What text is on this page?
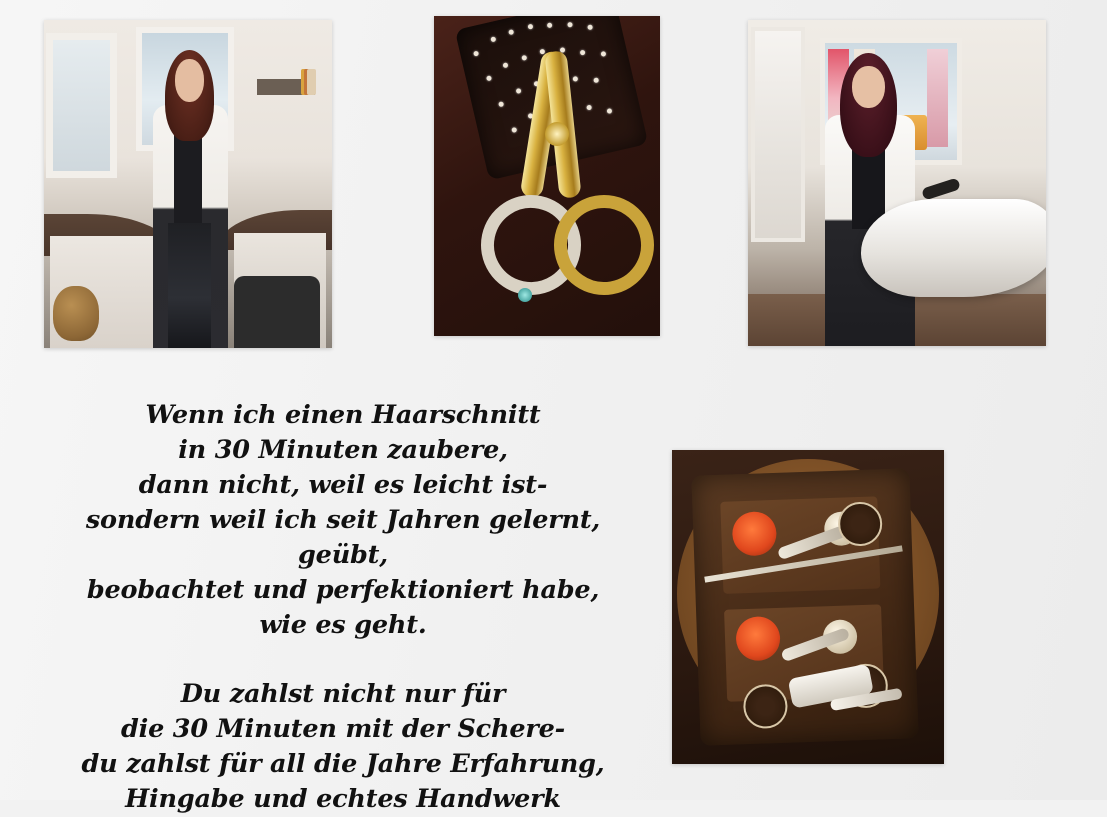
Wenn ich einen Haarschnitt

in 30 Minuten zaubere,

dann nicht, weil es leicht ist-

sondern weil ich seit Jahren gelernt, geübt,

beobachtet und perfektioniert habe,

wie es geht.

Du zahlst nicht nur für

die 30 Minuten mit der Schere-

du zahlst für all die Jahre Erfahrung,

Hingabe und echtes Handwerk
